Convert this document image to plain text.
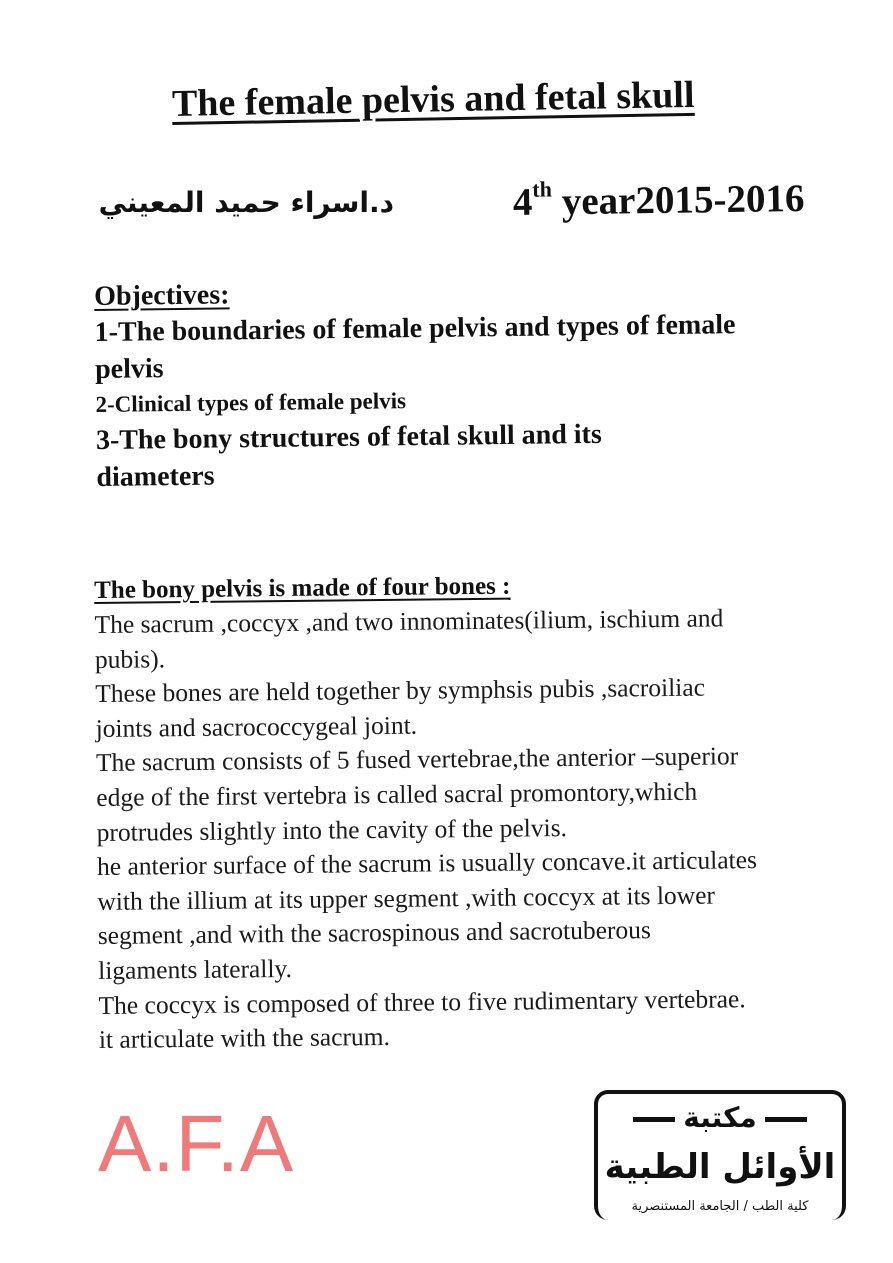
The female pelvis and fetal skull
د.اسراء حميد المعيني	4th year2015-2016
Objectives:
1-The boundaries of female pelvis and types of female
pelvis
2-Clinical types of female pelvis
3-The bony structures of fetal skull and its
diameters
The bony pelvis is made of four bones :
The sacrum ,coccyx ,and two innominates(ilium, ischium and
pubis).
These bones are held together by symphsis pubis ,sacroiliac
joints and sacrococcygeal joint.
The sacrum consists of 5 fused vertebrae,the anterior –superior
edge of the first vertebra is called sacral promontory,which
protrudes slightly into the cavity of the pelvis.
he anterior surface of the sacrum is usually concave.it articulates
with the illium at its upper segment ,with coccyx at its lower
segment ,and with the sacrospinous and sacrotuberous
ligaments laterally.
The coccyx is composed of three to five rudimentary vertebrae.
it articulate with the sacrum.
A.F.A	مكتبة
الأوائل الطبية
كلية الطب / الجامعة المستنصرية
